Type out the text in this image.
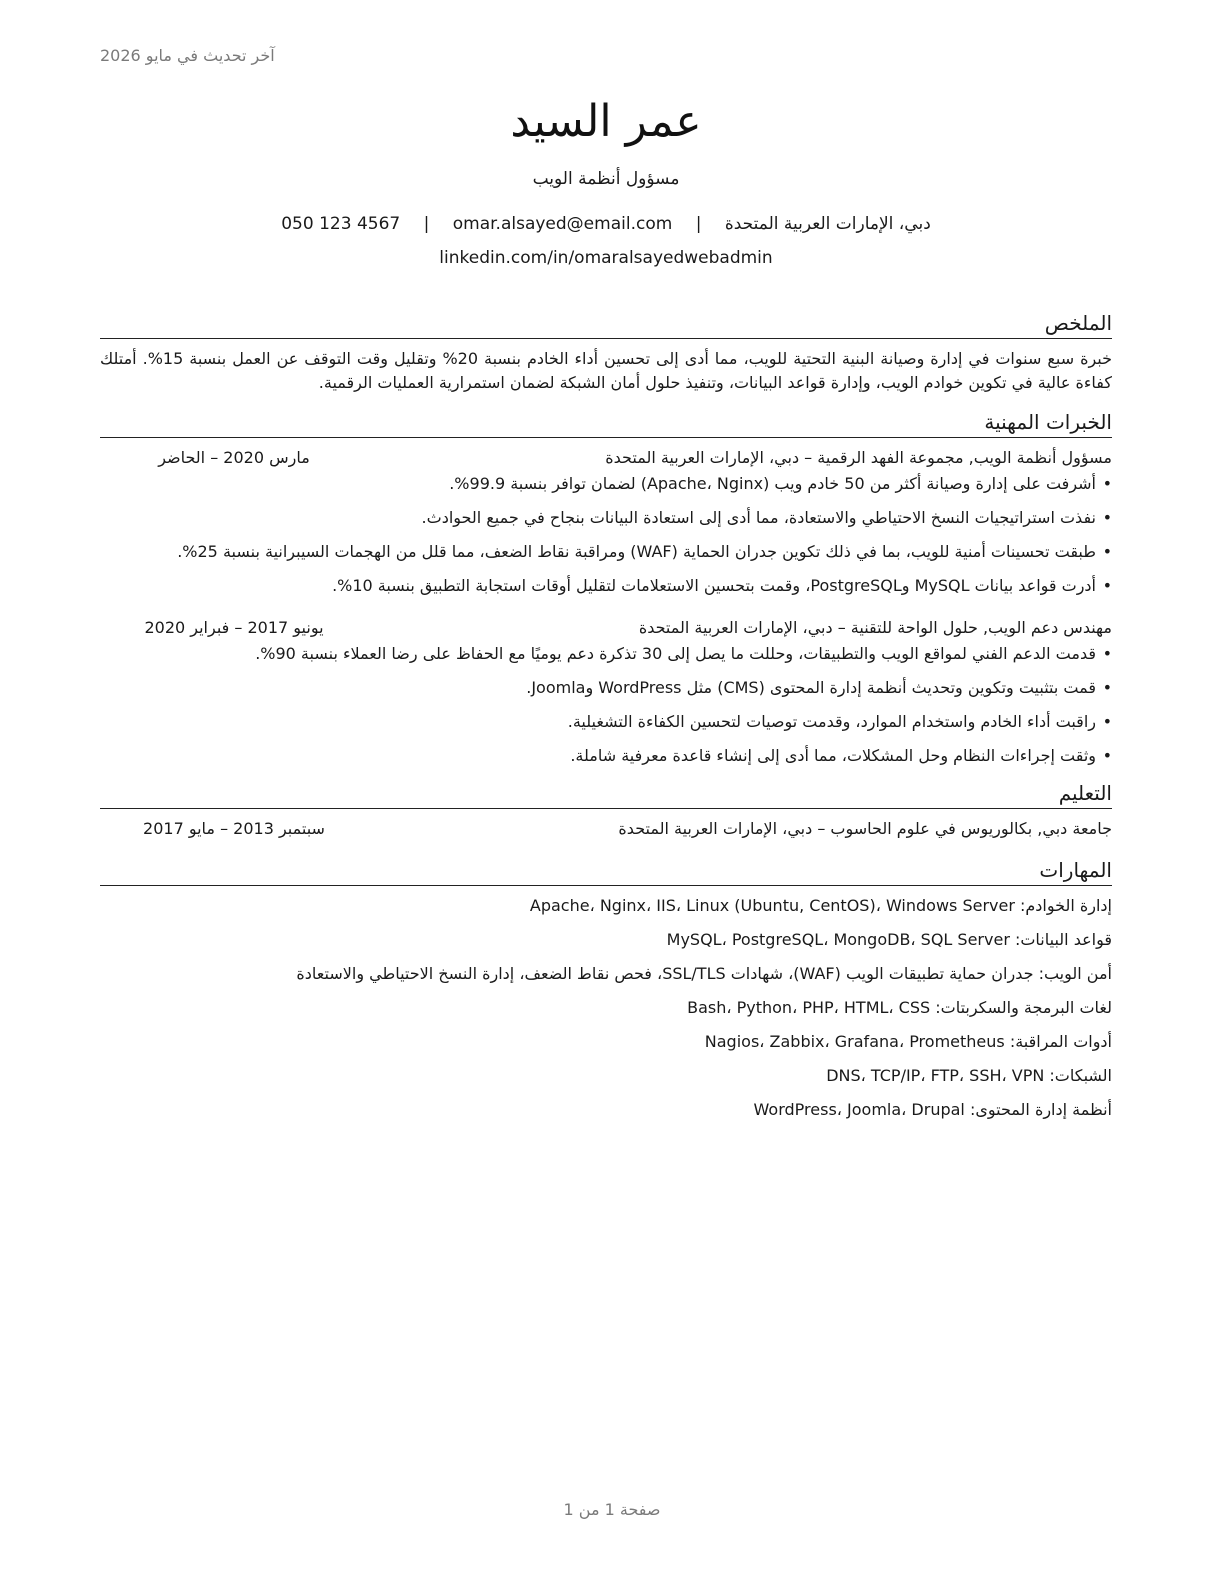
آخر تحديث في مايو 2026
عمر السيد
مسؤول أنظمة الويب
دبي، الإمارات العربية المتحدة | omar.alsayed@email.com | 050 123 4567
linkedin.com/in/omaralsayedwebadmin
الملخص

خبرة سبع سنوات في إدارة وصيانة البنية التحتية للويب، مما أدى إلى تحسين أداء الخادم بنسبة 20% وتقليل وقت التوقف عن العمل بنسبة 15%. أمتلك كفاءة عالية في تكوين خوادم الويب، وإدارة قواعد البيانات، وتنفيذ حلول أمان الشبكة لضمان استمرارية العمليات الرقمية.

الخبرات المهنية
مسؤول أنظمة الويب, مجموعة الفهد الرقمية – دبي، الإمارات العربية المتحدة
مارس 2020 – الحاضر
• أشرفت على إدارة وصيانة أكثر من 50 خادم ويب (Apache، Nginx) لضمان توافر بنسبة 99.9%.
• نفذت استراتيجيات النسخ الاحتياطي والاستعادة، مما أدى إلى استعادة البيانات بنجاح في جميع الحوادث.
• طبقت تحسينات أمنية للويب، بما في ذلك تكوين جدران الحماية (WAF) ومراقبة نقاط الضعف، مما قلل من الهجمات السيبرانية بنسبة 25%.
• أدرت قواعد بيانات MySQL وPostgreSQL، وقمت بتحسين الاستعلامات لتقليل أوقات استجابة التطبيق بنسبة 10%.
مهندس دعم الويب, حلول الواحة للتقنية – دبي، الإمارات العربية المتحدة
يونيو 2017 – فبراير 2020
• قدمت الدعم الفني لمواقع الويب والتطبيقات، وحللت ما يصل إلى 30 تذكرة دعم يوميًا مع الحفاظ على رضا العملاء بنسبة 90%.
• قمت بتثبيت وتكوين وتحديث أنظمة إدارة المحتوى (CMS) مثل WordPress وJoomla.
• راقبت أداء الخادم واستخدام الموارد، وقدمت توصيات لتحسين الكفاءة التشغيلية.
• وثقت إجراءات النظام وحل المشكلات، مما أدى إلى إنشاء قاعدة معرفية شاملة.
التعليم
جامعة دبي, بكالوريوس في علوم الحاسوب – دبي، الإمارات العربية المتحدة
سبتمبر 2013 – مايو 2017
المهارات
إدارة الخوادم: Apache، Nginx، IIS، Linux (Ubuntu, CentOS)، Windows Server
قواعد البيانات: MySQL، PostgreSQL، MongoDB، SQL Server
أمن الويب: جدران حماية تطبيقات الويب (WAF)، شهادات SSL/TLS، فحص نقاط الضعف، إدارة النسخ الاحتياطي والاستعادة
لغات البرمجة والسكربتات: Bash، Python، PHP، HTML، CSS
أدوات المراقبة: Nagios، Zabbix، Grafana، Prometheus
الشبكات: DNS، TCP/IP، FTP، SSH، VPN
أنظمة إدارة المحتوى: WordPress، Joomla، Drupal
صفحة 1 من 1
